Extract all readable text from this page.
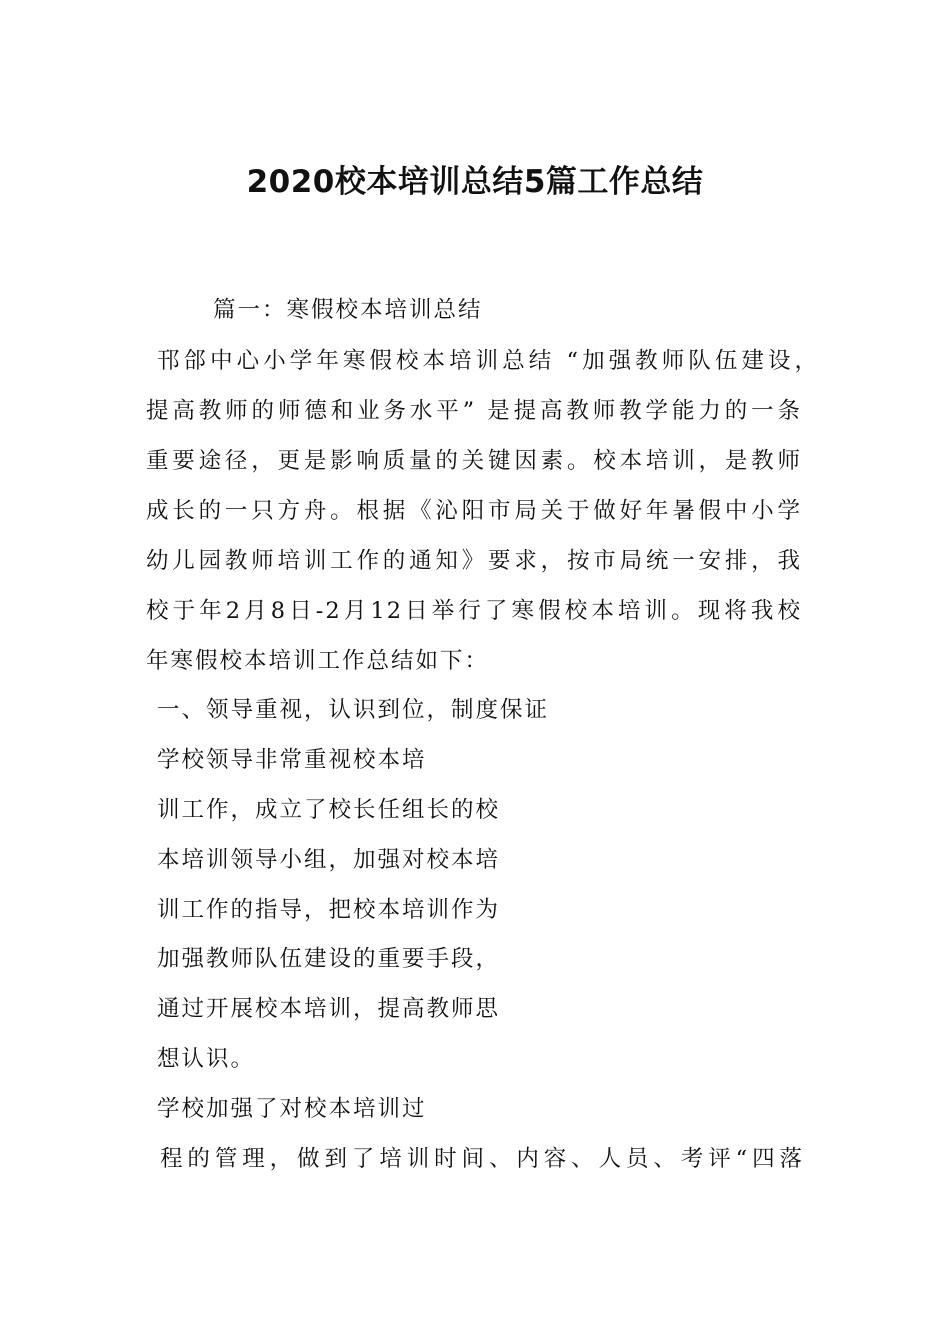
2020校本培训总结5篇工作总结
篇一：寒假校本培训总结
邗郃中心小学年寒假校本培训总结 “加强教师队伍建设，
提高教师的师德和业务水平” 是提高教师教学能力的一条
重要途径，更是影响质量的关键因素。校本培训，是教师
成长的一只方舟。根据《沁阳市局关于做好年暑假中小学
幼儿园教师培训工作的通知》要求，按市局统一安排，我
校于年2月8日-2月12日举行了寒假校本培训。现将我校
年寒假校本培训工作总结如下：
一、领导重视，认识到位，制度保证
学校领导非常重视校本培
训工作，成立了校长任组长的校
本培训领导小组，加强对校本培
训工作的指导，把校本培训作为
加强教师队伍建设的重要手段，
通过开展校本培训，提高教师思
想认识。
学校加强了对校本培训过
程的管理，做到了培训时间、内容、人员、考评“四落
